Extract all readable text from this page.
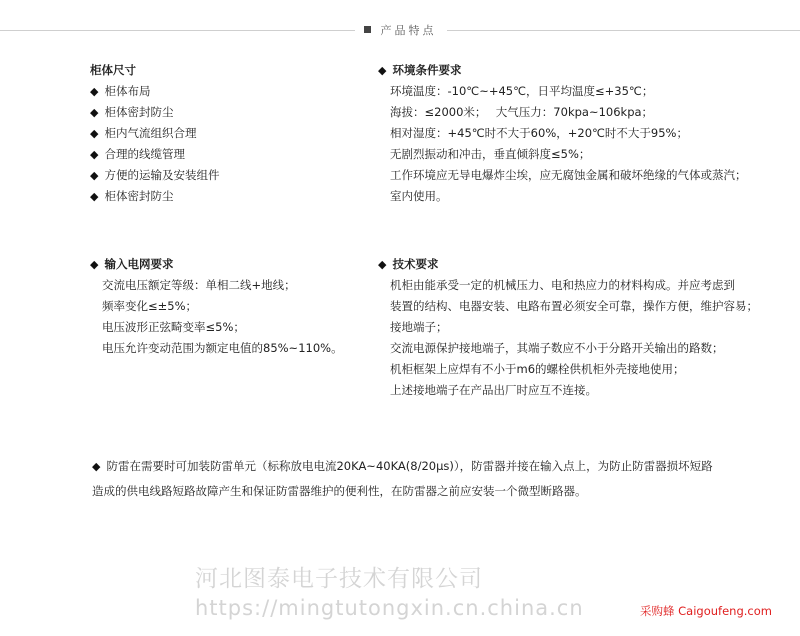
产品特点
柜体尺寸
◆ 柜体布局
◆ 柜体密封防尘
◆ 柜内气流组织合理
◆ 合理的线缆管理
◆ 方便的运输及安装组件
◆ 柜体密封防尘
◆ 环境条件要求
环境温度：-10℃~+45℃，日平均温度≤+35℃；
海拔：≤2000米；　 大气压力：70kpa~106kpa；
相对湿度：+45℃时不大于60%，+20℃时不大于95%；
无剧烈振动和冲击，垂直倾斜度≤5%；
工作环境应无导电爆炸尘埃，应无腐蚀金属和破坏绝缘的气体或蒸汽；
室内使用。
◆ 输入电网要求
交流电压额定等级：单相二线+地线；
频率变化≤±5%；
电压波形正弦畸变率≤5%；
电压允许变动范围为额定电值的85%~110%。
◆ 技术要求
机柜由能承受一定的机械压力、电和热应力的材料构成。并应考虑到
装置的结构、电器安装、电路布置必须安全可靠，操作方便，维护容易；
接地端子；
交流电源保护接地端子，其端子数应不小于分路开关输出的路数；
机柜框架上应焊有不小于m6的螺栓供机柜外壳接地使用；
上述接地端子在产品出厂时应互不连接。
◆ 防雷在需要时可加装防雷单元（标称放电电流20KA~40KA(8/20μs)），防雷器并接在输入点上，为防止防雷器损坏短路
造成的供电线路短路故障产生和保证防雷器维护的便利性，在防雷器之前应安装一个微型断路器。
河北图泰电子技术有限公司
https://mingtutongxin.cn.china.cn	采购蜂 Caigoufeng.com
